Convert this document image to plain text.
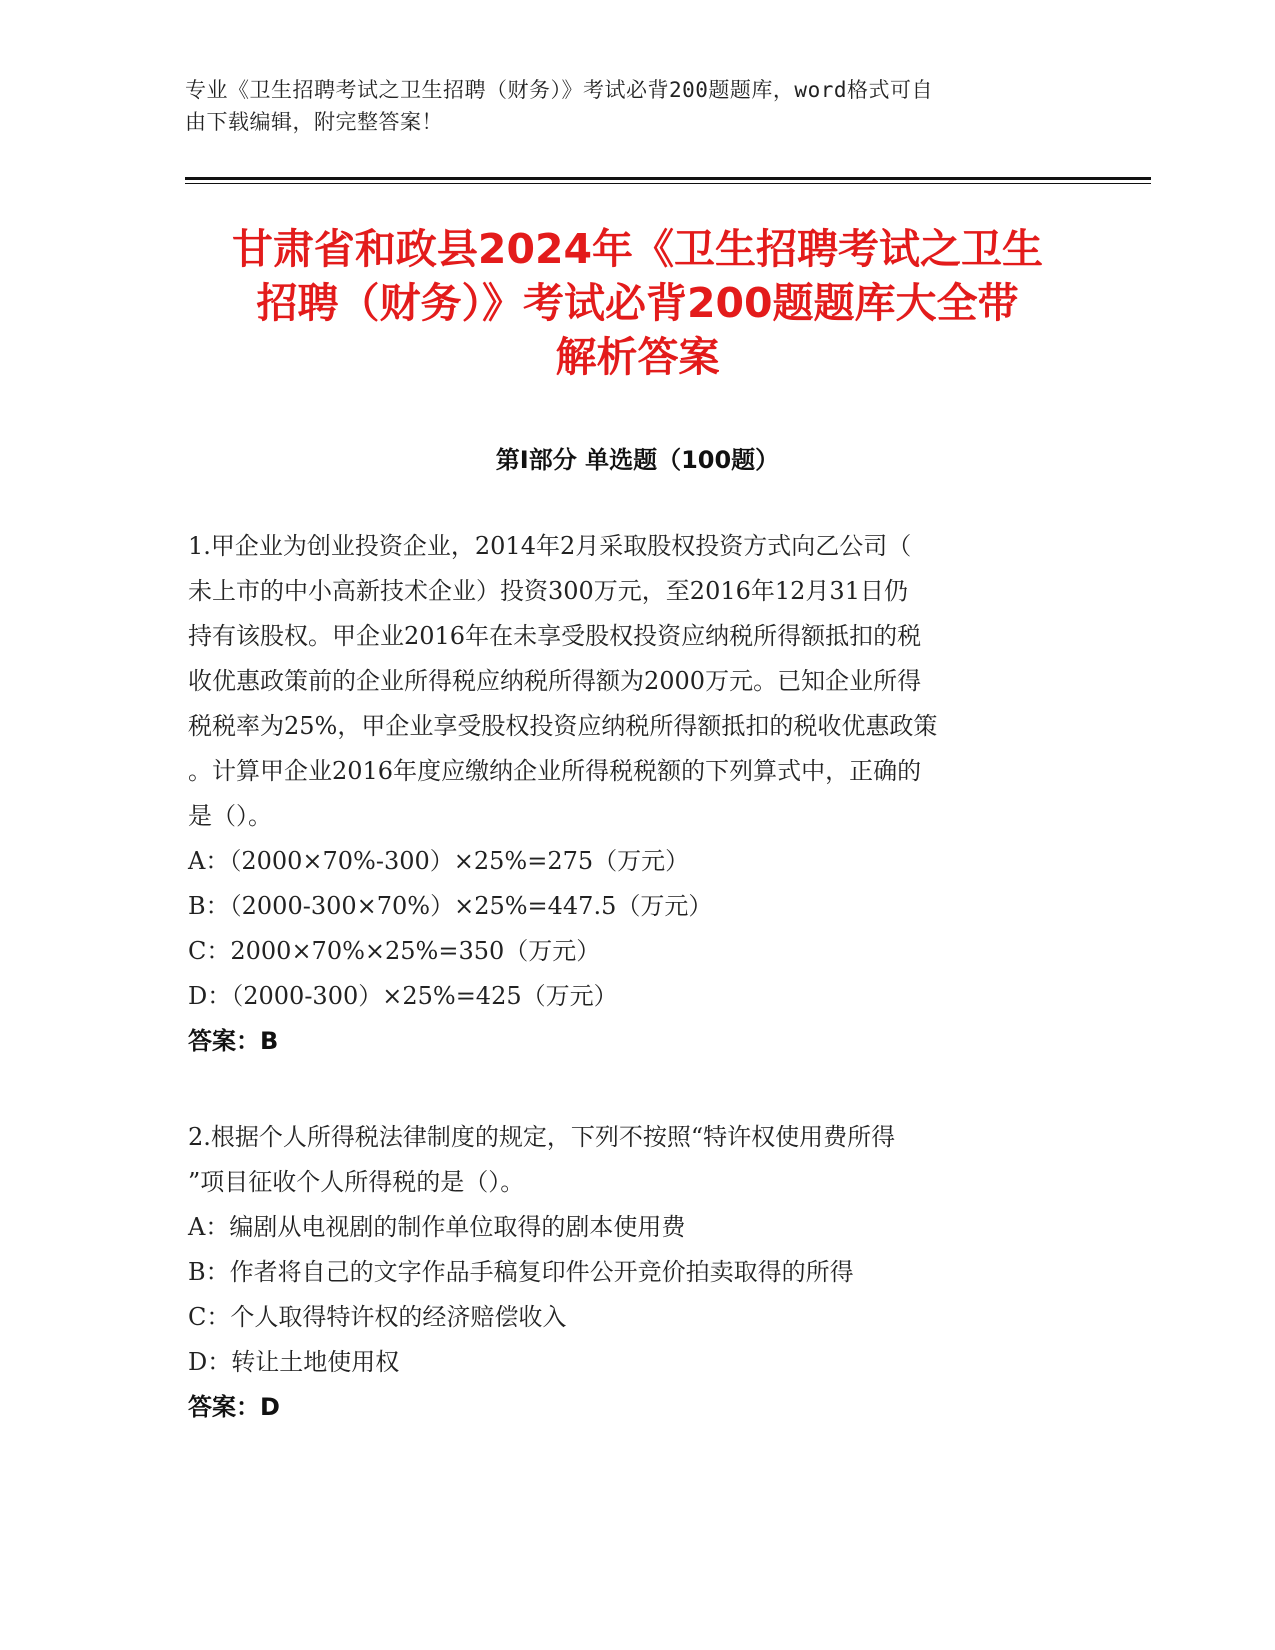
专业《卫生招聘考试之卫生招聘（财务）》考试必背200题题库，word格式可自

由下载编辑，附完整答案！

甘肃省和政县2024年《卫生招聘考试之卫生

招聘（财务）》考试必背200题题库大全带

解析答案

第Ⅰ部分 单选题（100题）

1.甲企业为创业投资企业，2014年2月采取股权投资方式向乙公司（

未上市的中小高新技术企业）投资300万元，至2016年12月31日仍

持有该股权。甲企业2016年在未享受股权投资应纳税所得额抵扣的税

收优惠政策前的企业所得税应纳税所得额为2000万元。已知企业所得

税税率为25%，甲企业享受股权投资应纳税所得额抵扣的税收优惠政策

。计算甲企业2016年度应缴纳企业所得税税额的下列算式中，正确的

是（）。

A：（2000×70%-300）×25%=275（万元）

B：（2000-300×70%）×25%=447.5（万元）

C：2000×70%×25%=350（万元）

D：（2000-300）×25%=425（万元）

答案：B

2.根据个人所得税法律制度的规定，下列不按照“特许权使用费所得

”项目征收个人所得税的是（）。

A：编剧从电视剧的制作单位取得的剧本使用费

B：作者将自己的文字作品手稿复印件公开竞价拍卖取得的所得

C：个人取得特许权的经济赔偿收入

D：转让土地使用权

答案：D
